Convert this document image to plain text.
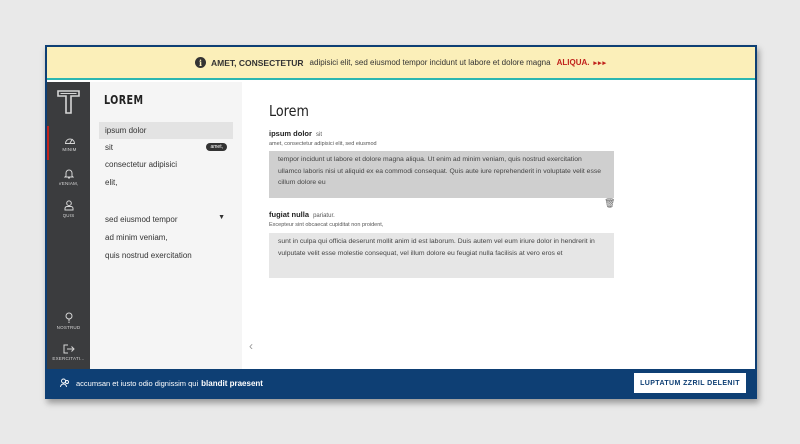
i	AMET, CONSECTETUR adipisici elit, sed eiusmod tempor incidunt ut labore et dolore magna ALIQUA. ▸▸▸
MINIM
VENIAM,
QUIS
NOSTRUD
EXERCITATI...
LOREM
ipsum dolor
sit	amet,
consectetur adipisici
elit,
sed eiusmod tempor	▼
ad minim veniam,
quis nostrud exercitation
‹
Lorem
ipsum dolor sit
amet, consectetur adipisici elit, sed eiusmod
tempor incidunt ut labore et dolore magna aliqua. Ut enim ad minim veniam, quis nostrud exercitation ullamco laboris nisi ut aliquid ex ea commodi consequat. Quis aute iure reprehenderit in voluptate velit esse cillum dolore eu
🗑
fugiat nulla pariatur.
Excepteur sint obcaecat cupiditat non proident,
sunt in culpa qui officia deserunt mollit anim id est laborum. Duis autem vel eum iriure dolor in hendrerit in vulputate velit esse molestie consequat, vel illum dolore eu feugiat nulla facilisis at vero eros et
accumsan et iusto odio dignissim qui blandit praesent	LUPTATUM ZZRIL DELENIT
